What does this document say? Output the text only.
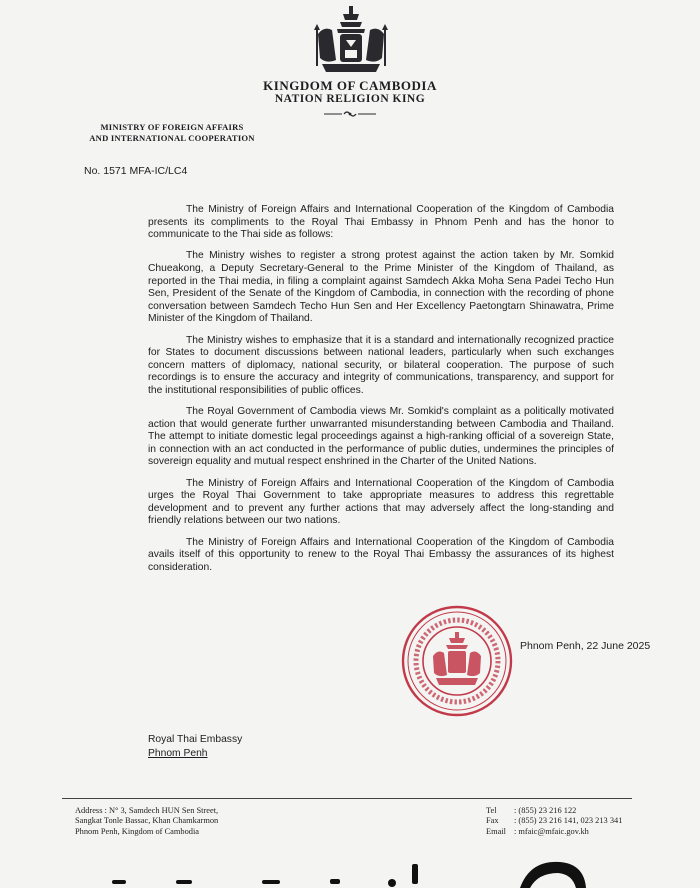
KINGDOM OF CAMBODIA
NATION RELIGION KING
MINISTRY OF FOREIGN AFFAIRS
AND INTERNATIONAL COOPERATION
No. 1571 MFA-IC/LC4

The Ministry of Foreign Affairs and International Cooperation of the Kingdom of Cambodia presents its compliments to the Royal Thai Embassy in Phnom Penh and has the honor to communicate to the Thai side as follows:

The Ministry wishes to register a strong protest against the action taken by Mr. Somkid Chueakong, a Deputy Secretary-General to the Prime Minister of the Kingdom of Thailand, as reported in the Thai media, in filing a complaint against Samdech Akka Moha Sena Padei Techo Hun Sen, President of the Senate of the Kingdom of Cambodia, in connection with the recording of phone conversation between Samdech Techo Hun Sen and Her Excellency Paetongtarn Shinawatra, Prime Minister of the Kingdom of Thailand.

The Ministry wishes to emphasize that it is a standard and internationally recognized practice for States to document discussions between national leaders, particularly when such exchanges concern matters of diplomacy, national security, or bilateral cooperation. The purpose of such recordings is to ensure the accuracy and integrity of communications, transparency, and support for the institutional responsibilities of public offices.

The Royal Government of Cambodia views Mr. Somkid's complaint as a politically motivated action that would generate further unwarranted misunderstanding between Cambodia and Thailand. The attempt to initiate domestic legal proceedings against a high-ranking official of a sovereign State, in connection with an act conducted in the performance of public duties, undermines the principles of sovereign equality and mutual respect enshrined in the Charter of the United Nations.

The Ministry of Foreign Affairs and International Cooperation of the Kingdom of Cambodia urges the Royal Thai Government to take appropriate measures to address this regrettable development and to prevent any further actions that may adversely affect the long-standing and friendly relations between our two nations.

The Ministry of Foreign Affairs and International Cooperation of the Kingdom of Cambodia avails itself of this opportunity to renew to the Royal Thai Embassy the assurances of its highest consideration.

Phnom Penh, 22 June 2025
Royal Thai Embassy
Phnom Penh
Address : N° 3, Samdech HUN Sen Street,
Sangkat Tonle Bassac, Khan Chamkarmon
Phnom Penh, Kingdom of Cambodia
Tel	: (855) 23 216 122
Fax	: (855) 23 216 141, 023 213 341
Email : mfaic@mfaic.gov.kh
